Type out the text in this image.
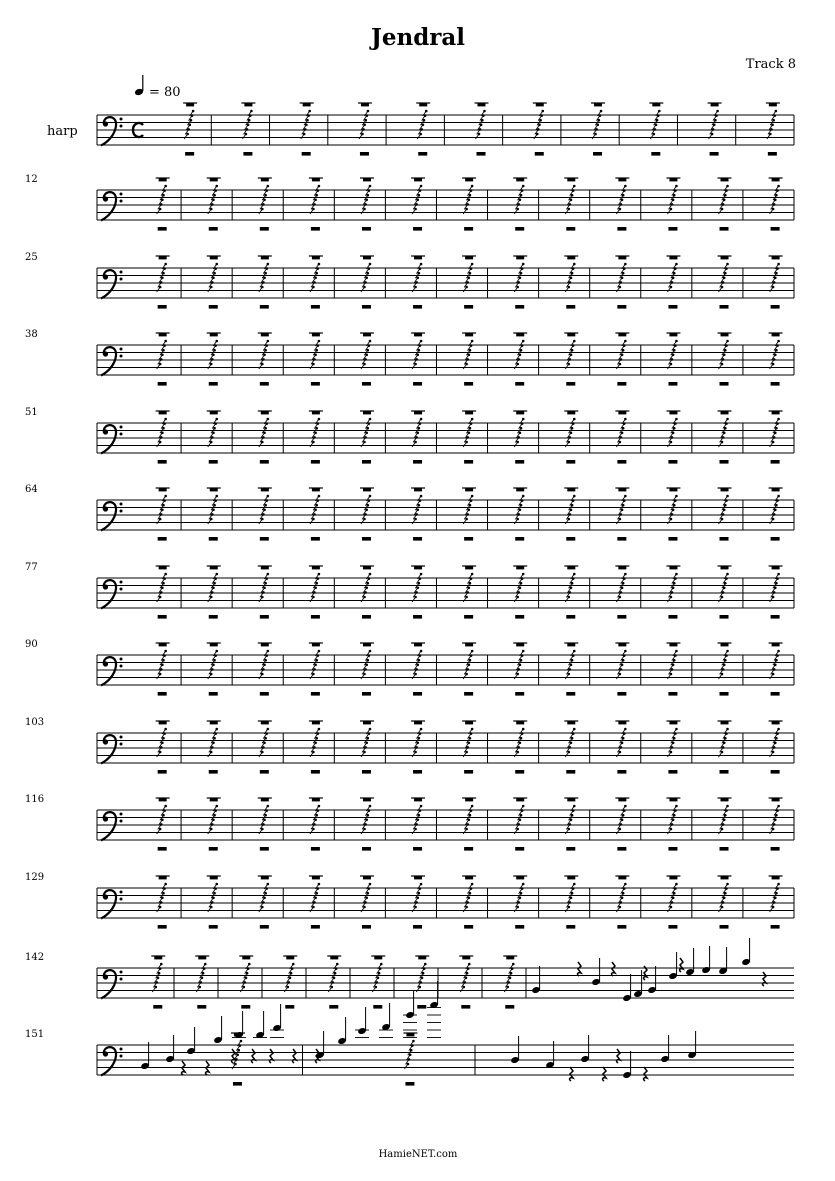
Jendral
Track 8
= 80
harp
12
25
38
51
64
77
90
103
116
129
142
151
HamieNET.com
